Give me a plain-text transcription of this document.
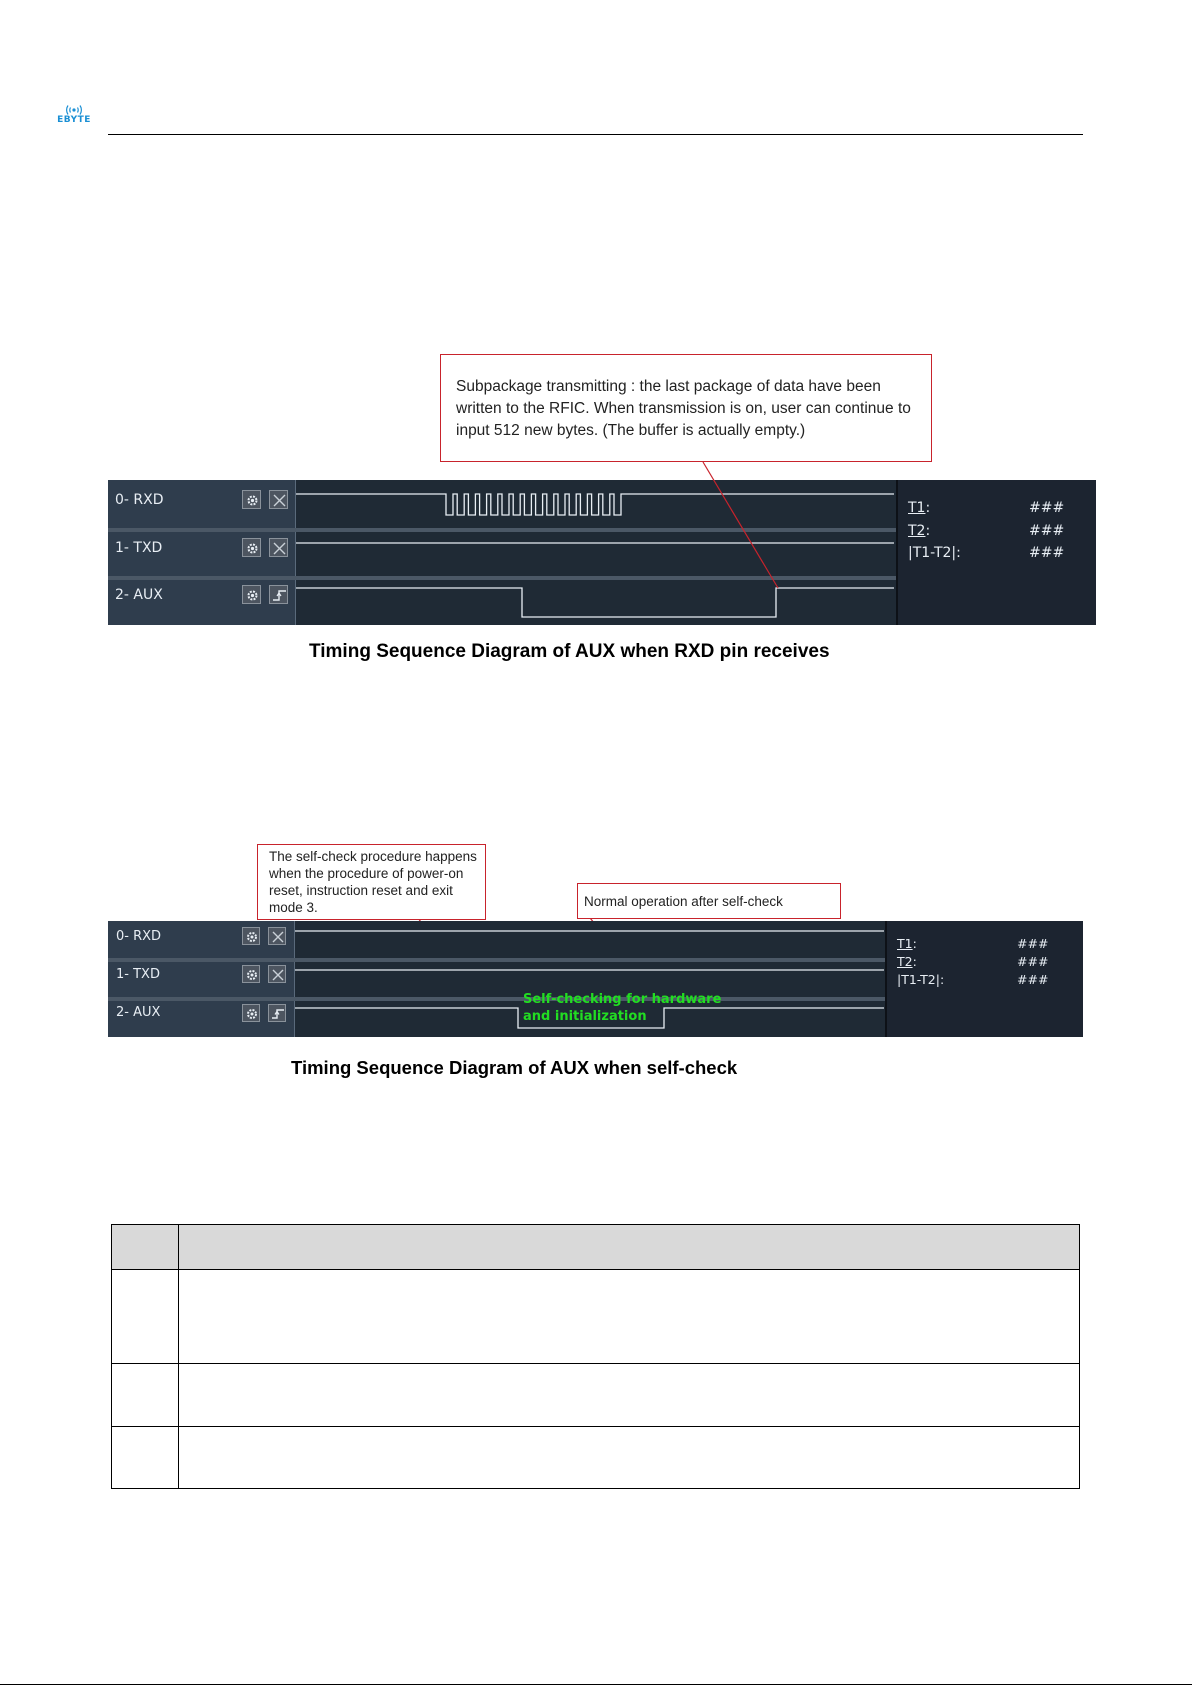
EBYTE
0- RXD
1- TXD
2- AUX
T1:	###
T2:	###
|T1-T2|:	###
Subpackage transmitting : the last package of data have been written to the RFIC. When transmission is on, user can continue to input 512 new bytes. (The buffer is actually empty.)
Timing Sequence Diagram of AUX when RXD pin receives
0- RXD
1- TXD
2- AUX
T1:	###
T2:	###
|T1-T2|:	###
Self-checking for hardware and initialization
The self-check procedure happens when the procedure of power-on reset, instruction reset and exit mode 3.	Normal operation after self-check
Timing Sequence Diagram of AUX when self-check
